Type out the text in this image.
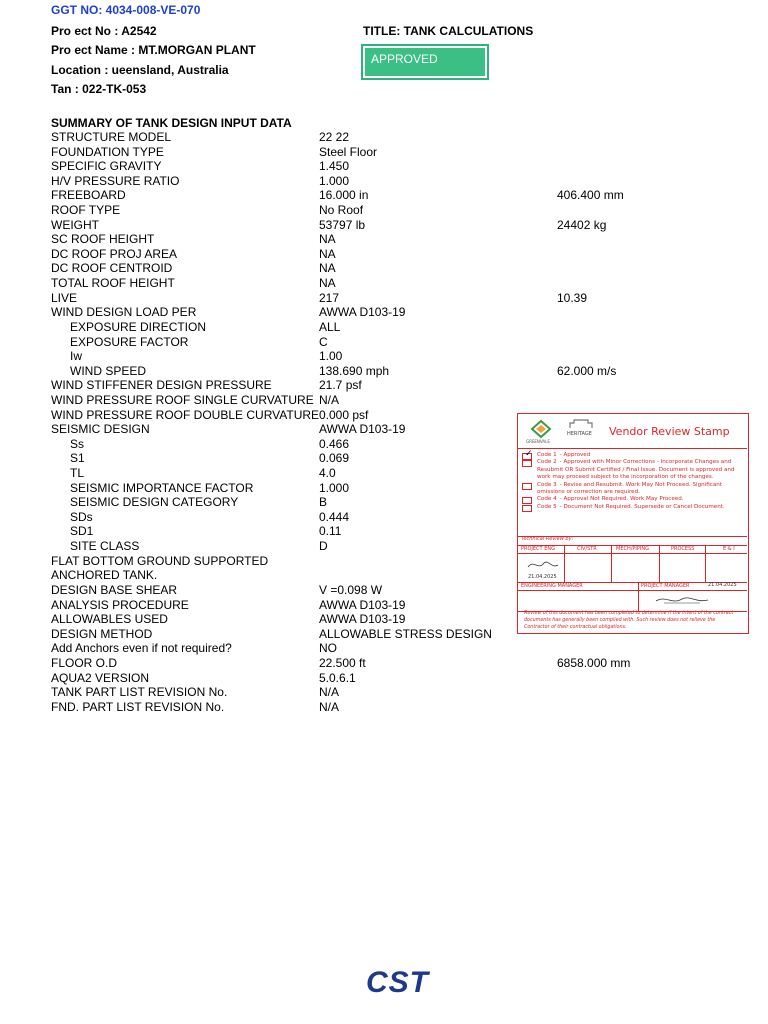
GGT NO: 4034-008-VE-070
Pro ect No : A2542
Pro ect Name : MT.MORGAN PLANT
Location : ueensland, Australia
Tan : 022-TK-053
TITLE: TANK CALCULATIONS
APPROVED
SUMMARY OF TANK DESIGN INPUT DATA
STRUCTURE MODEL	22 22
FOUNDATION TYPE	Steel Floor
SPECIFIC GRAVITY	1.450
H/V PRESSURE RATIO	1.000
FREEBOARD	16.000 in	406.400 mm
ROOF TYPE	No Roof
WEIGHT	53797 lb	24402 kg
SC ROOF HEIGHT	NA
DC ROOF PROJ AREA	NA
DC ROOF CENTROID	NA
TOTAL ROOF HEIGHT	NA
LIVE	217	10.39
WIND DESIGN LOAD PER	AWWA D103-19
EXPOSURE DIRECTION	ALL
EXPOSURE FACTOR	C
Iw	1.00
WIND SPEED	138.690 mph	62.000 m/s
WIND STIFFENER DESIGN PRESSURE	21.7 psf
WIND PRESSURE ROOF SINGLE CURVATURE N/A
WIND PRESSURE ROOF DOUBLE CURVATURE 0.000 psf
SEISMIC DESIGN	AWWA D103-19
Ss	0.466
S1	0.069
TL	4.0
SEISMIC IMPORTANCE FACTOR	1.000
SEISMIC DESIGN CATEGORY	B
SDs	0.444
SD1	0.11
SITE CLASS	D
FLAT BOTTOM GROUND SUPPORTED
ANCHORED TANK.
DESIGN BASE SHEAR	V =0.098 W
ANALYSIS PROCEDURE	AWWA D103-19
ALLOWABLES USED	AWWA D103-19
DESIGN METHOD	ALLOWABLE STRESS DESIGN
Add Anchors even if not required?	NO
FLOOR O.D	22.500 ft	6858.000 mm
AQUA2 VERSION	5.0.6.1
TANK PART LIST REVISION No.	N/A
FND. PART LIST REVISION No.	N/A
GREENVALE
HERITAGE Vendor Review Stamp
✓ Code 1 - Approved
Code 2 - Approved with Minor Corrections - Incorporate Changes and Resubmit OR Submit Certified / Final Issue. Document is approved and work may proceed subject to the incorporation of the changes.
Code 3 - Revise and Resubmit. Work May Not Proceed. Significant omissions or correction are required.
Code 4 - Approval Not Required. Work May Proceed.
Code 5 - Document Not Required. Supersede or Cancel Document.
Technical Review by:
PROJECT ENG	CIV/STR	MECH/PIPING	PROCESS	E & I
21.04.2025
ENGINEERING MANAGER	PROJECT MANAGER	21.04.2025
Review of this document has been completed to determine if the intent of the contract documents has generally been complied with. Such review does not relieve the Contractor of their contractual obligations.
CST
